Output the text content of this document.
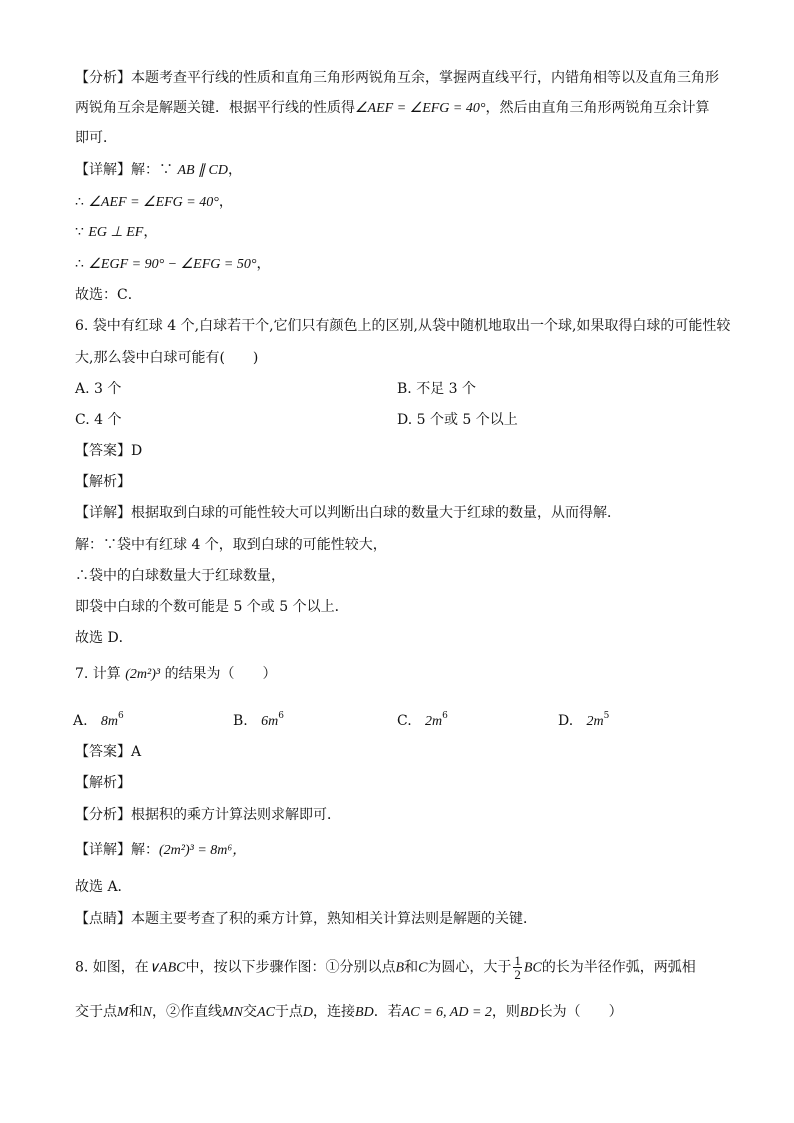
【分析】本题考查平行线的性质和直角三角形两锐角互余，掌握两直线平行，内错角相等以及直角三角形
两锐角互余是解题关键．根据平行线的性质得∠AEF = ∠EFG = 40°，然后由直角三角形两锐角互余计算
即可．
【详解】解：∵ AB ∥ CD，
∴ ∠AEF = ∠EFG = 40°，
∵ EG ⊥ EF，
∴ ∠EGF = 90° − ∠EFG = 50°，
故选：C．
6. 袋中有红球 4 个,白球若干个,它们只有颜色上的区别,从袋中随机地取出一个球,如果取得白球的可能性较
大,那么袋中白球可能有(　　)
A. 3 个	B. 不足 3 个
C. 4 个	D. 5 个或 5 个以上
【答案】D
【解析】
【详解】根据取到白球的可能性较大可以判断出白球的数量大于红球的数量，从而得解．
解：∵袋中有红球 4 个，取到白球的可能性较大，
∴袋中的白球数量大于红球数量，
即袋中白球的个数可能是 5 个或 5 个以上．
故选 D．
7. 计算 (2m²)³ 的结果为（　　）
A. $8m^6$	B. $6m^6$	C. $2m^6$	D. $2m^5$
【答案】A
【解析】
【分析】根据积的乘方计算法则求解即可．
【详解】解：(2m²)³ = 8m⁶，
故选 A．
【点睛】本题主要考查了积的乘方计算，熟知相关计算法则是解题的关键．
8. 如图，在∨ABC中，按以下步骤作图：①分别以点B和C为圆心，大于 $\frac{1}{2}$ BC的长为半径作弧，两弧相
交于点M和N，②作直线MN交AC于点D，连接BD．若AC = 6, AD = 2，则BD长为（　　）
